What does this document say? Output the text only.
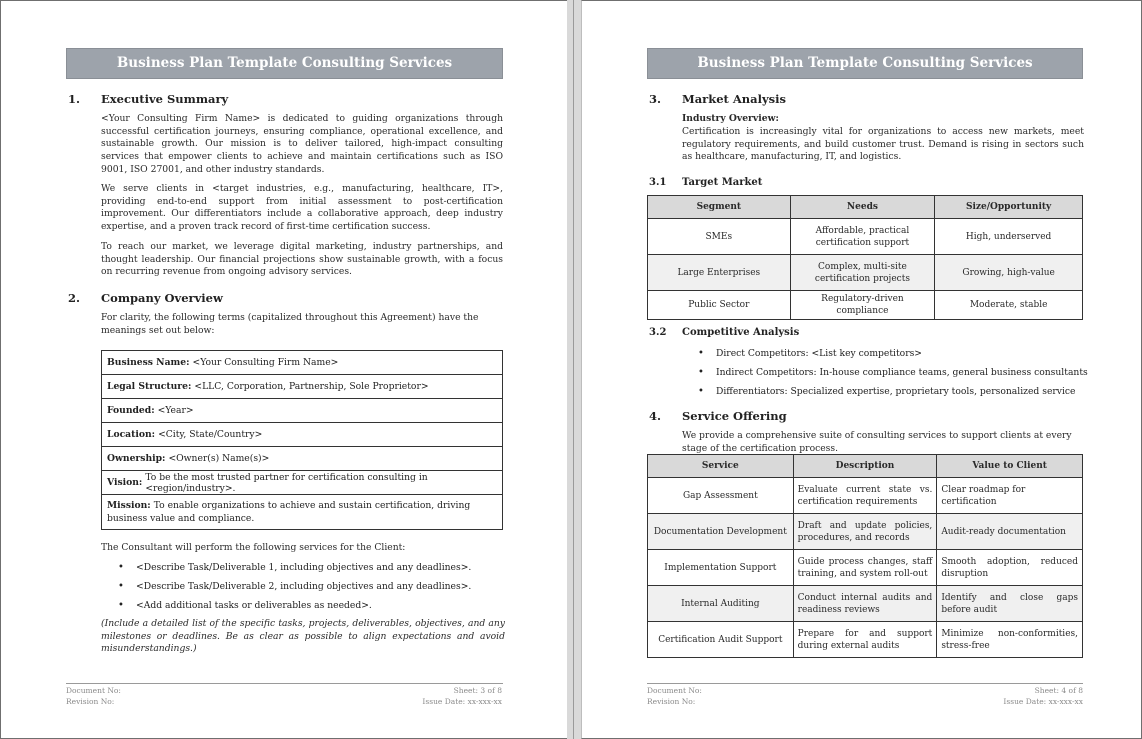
Business Plan Template Consulting Services
1. Executive Summary

<Your Consulting Firm Name> is dedicated to guiding organizations through successful certification journeys, ensuring compliance, operational excellence, and sustainable growth. Our mission is to deliver tailored, high-impact consulting services that empower clients to achieve and maintain certifications such as ISO 9001, ISO 27001, and other industry standards.

We serve clients in <target industries, e.g., manufacturing, healthcare, IT>, providing end-to-end support from initial assessment to post-certification improvement. Our differentiators include a collaborative approach, deep industry expertise, and a proven track record of first-time certification success.

To reach our market, we leverage digital marketing, industry partnerships, and thought leadership. Our financial projections show sustainable growth, with a focus on recurring revenue from ongoing advisory services.

2. Company Overview

For clarity, the following terms (capitalized throughout this Agreement) have the meanings set out below:

Business Name: <Your Consulting Firm Name>
Legal Structure: <LLC, Corporation, Partnership, Sole Proprietor>
Founded: <Year>
Location: <City, State/Country>
Ownership: <Owner(s) Name(s)>
Vision: To be the most trusted partner for certification consulting in <region/industry>.
Mission: To enable organizations to achieve and sustain certification, driving business value and compliance.

The Consultant will perform the following services for the Client:

• <Describe Task/Deliverable 1, including objectives and any deadlines>.
• <Describe Task/Deliverable 2, including objectives and any deadlines>.
• <Add additional tasks or deliverables as needed>.

(Include a detailed list of the specific tasks, projects, deliverables, objectives, and any milestones or deadlines. Be as clear as possible to align expectations and avoid misunderstandings.)

Document No:
Revision No:
Sheet: 3 of 8
Issue Date: xx-xxx-xx
Business Plan Template Consulting Services
3. Market Analysis

Industry Overview:

Certification is increasingly vital for organizations to access new markets, meet regulatory requirements, and build customer trust. Demand is rising in sectors such as healthcare, manufacturing, IT, and logistics.

3.1 Target Market
Segment	Needs	Size/Opportunity
SMEs	Affordable, practical certification support	High, underserved
Large Enterprises	Complex, multi-site certification projects	Growing, high-value
Public Sector	Regulatory-driven compliance	Moderate, stable
3.2 Competitive Analysis
• Direct Competitors: <List key competitors>
• Indirect Competitors: In-house compliance teams, general business consultants
• Differentiators: Specialized expertise, proprietary tools, personalized service
4. Service Offering

We provide a comprehensive suite of consulting services to support clients at every stage of the certification process.

Service	Description	Value to Client
Gap Assessment	Evaluate current state vs. certification requirements	Clear roadmap for certification
Documentation Development	Draft and update policies, procedures, and records	Audit-ready documentation
Implementation Support	Guide process changes, staff training, and system roll-out	Smooth adoption, reduced disruption
Internal Auditing	Conduct internal audits and readiness reviews	Identify and close gaps before audit
Certification Audit Support	Prepare for and support during external audits	Minimize non-conformities, stress-free
Document No:
Revision No:
Sheet: 4 of 8
Issue Date: xx-xxx-xx
